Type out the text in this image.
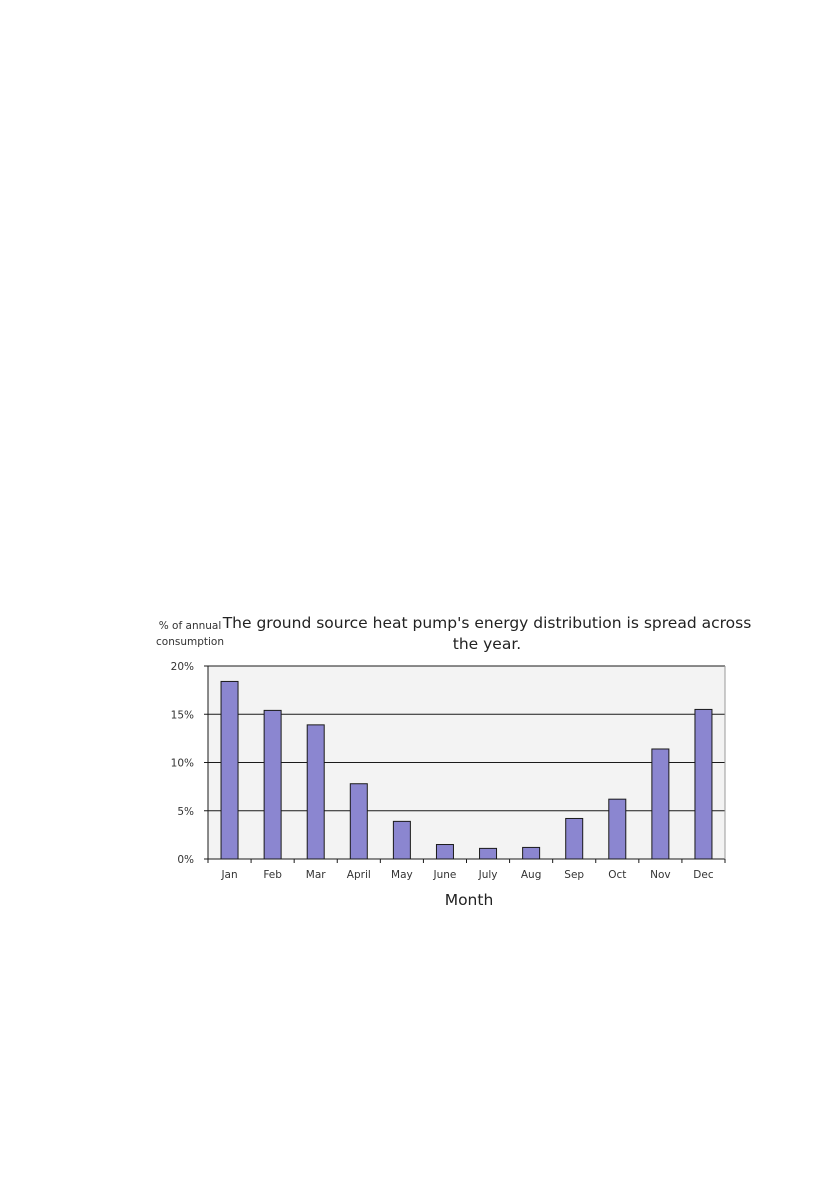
0%
5%
10%
15%
20%
Jan Feb Mar April May June July Aug Sep Oct Nov Dec
% of annual
consumption
The ground source heat pump's energy distribution is spread across
the year.
Month
